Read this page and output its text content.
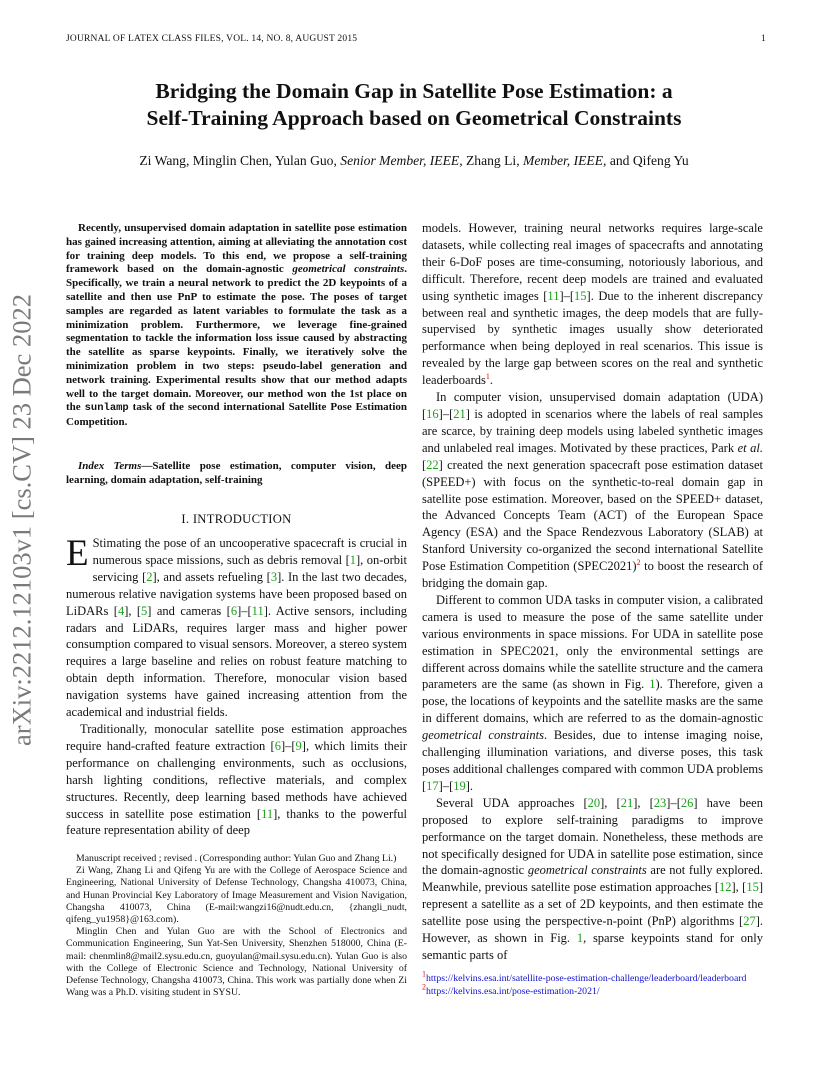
JOURNAL OF LATEX CLASS FILES, VOL. 14, NO. 8, AUGUST 2015	1
arXiv:2212.12103v1 [cs.CV] 23 Dec 2022
Bridging the Domain Gap in Satellite Pose Estimation: a
Self-Training Approach based on Geometrical Constraints
Zi Wang, Minglin Chen, Yulan Guo, Senior Member, IEEE, Zhang Li, Member, IEEE, and Qifeng Yu
Recently, unsupervised domain adaptation in satellite pose estimation has gained increasing attention, aiming at alleviating the annotation cost for training deep models. To this end, we propose a self-training framework based on the domain-agnostic geometrical constraints. Specifically, we train a neural network to predict the 2D keypoints of a satellite and then use PnP to estimate the pose. The poses of target samples are regarded as latent variables to formulate the task as a minimization problem. Furthermore, we leverage fine-grained segmentation to tackle the information loss issue caused by abstracting the satellite as sparse keypoints. Finally, we iteratively solve the minimization problem in two steps: pseudo-label generation and network training. Experimental results show that our method adapts well to the target domain. Moreover, our method won the 1st place on the sunlamp task of the second international Satellite Pose Estimation Competition.
Index Terms—Satellite pose estimation, computer vision, deep learning, domain adaptation, self-training
I. INTRODUCTION

E Stimating the pose of an uncooperative spacecraft is crucial in numerous space missions, such as debris removal [1], on-orbit servicing [2], and assets refueling [3]. In the last two decades, numerous relative navigation systems have been proposed based on LiDARs [4], [5] and cameras [6]–[11]. Active sensors, including radars and LiDARs, requires larger mass and higher power consumption compared to visual sensors. Moreover, a stereo system requires a large baseline and relies on robust feature matching to obtain depth information. Therefore, monocular vision based navigation systems have gained increasing attention from the academical and industrial fields.

Traditionally, monocular satellite pose estimation approaches require hand-crafted feature extraction [6]–[9], which limits their performance on challenging environments, such as occlusions, harsh lighting conditions, reflective materials, and complex structures. Recently, deep learning based methods have achieved success in satellite pose estimation [11], thanks to the powerful feature representation ability of deep

Manuscript received ; revised . (Corresponding author: Yulan Guo and Zhang Li.)

Zi Wang, Zhang Li and Qifeng Yu are with the College of Aerospace Science and Engineering, National University of Defense Technology, Changsha 410073, China, and Hunan Provincial Key Laboratory of Image Measurement and Vision Navigation, Changsha 410073, China (E-mail:wangzi16@nudt.edu.cn, {zhangli_nudt, qifeng_yu1958}@163.com).

Minglin Chen and Yulan Guo are with the School of Electronics and Communication Engineering, Sun Yat-Sen University, Shenzhen 518000, China (E-mail: chenmlin8@mail2.sysu.edu.cn, guoyulan@mail.sysu.edu.cn). Yulan Guo is also with the College of Electronic Science and Technology, National University of Defense Technology, Changsha 410073, China. This work was partially done when Zi Wang was a Ph.D. visiting student in SYSU.

models. However, training neural networks requires large-scale datasets, while collecting real images of spacecrafts and annotating their 6-DoF poses are time-consuming, notoriously laborious, and difficult. Therefore, recent deep models are trained and evaluated using synthetic images [11]–[15]. Due to the inherent discrepancy between real and synthetic images, the deep models that are fully-supervised by synthetic images usually show deteriorated performance when being deployed in real scenarios. This issue is revealed by the large gap between scores on the real and synthetic leaderboards$^1$.

In computer vision, unsupervised domain adaptation (UDA) [16]–[21] is adopted in scenarios where the labels of real samples are scarce, by training deep models using labeled synthetic images and unlabeled real images. Motivated by these practices, Park et al. [22] created the next generation spacecraft pose estimation dataset (SPEED+) with focus on the synthetic-to-real domain gap in satellite pose estimation. Moreover, based on the SPEED+ dataset, the Advanced Concepts Team (ACT) of the European Space Agency (ESA) and the Space Rendezvous Laboratory (SLAB) at Stanford University co-organized the second international Satellite Pose Estimation Competition (SPEC2021)$^2$ to boost the research of bridging the domain gap.

Different to common UDA tasks in computer vision, a calibrated camera is used to measure the pose of the same satellite under various environments in space missions. For UDA in satellite pose estimation in SPEC2021, only the environmental settings are different across domains while the satellite structure and the camera parameters are the same (as shown in Fig. 1). Therefore, given a pose, the locations of keypoints and the satellite masks are the same in different domains, which are referred to as the domain-agnostic geometrical constraints. Besides, due to intense imaging noise, challenging illumination variations, and diverse poses, this task poses additional challenges compared with common UDA problems [17]–[19].

Several UDA approaches [20], [21], [23]–[26] have been proposed to explore self-training paradigms to improve performance on the target domain. Nonetheless, these methods are not specifically designed for UDA in satellite pose estimation, since the domain-agnostic geometrical constraints are not fully explored. Meanwhile, previous satellite pose estimation approaches [12], [15] represent a satellite as a set of 2D keypoints, and then estimate the satellite pose using the perspective-n-point (PnP) algorithms [27]. However, as shown in Fig. 1, sparse keypoints stand for only semantic parts of

$^1$https://kelvins.esa.int/satellite-pose-estimation-challenge/leaderboard/leaderboard

$^2$https://kelvins.esa.int/pose-estimation-2021/
